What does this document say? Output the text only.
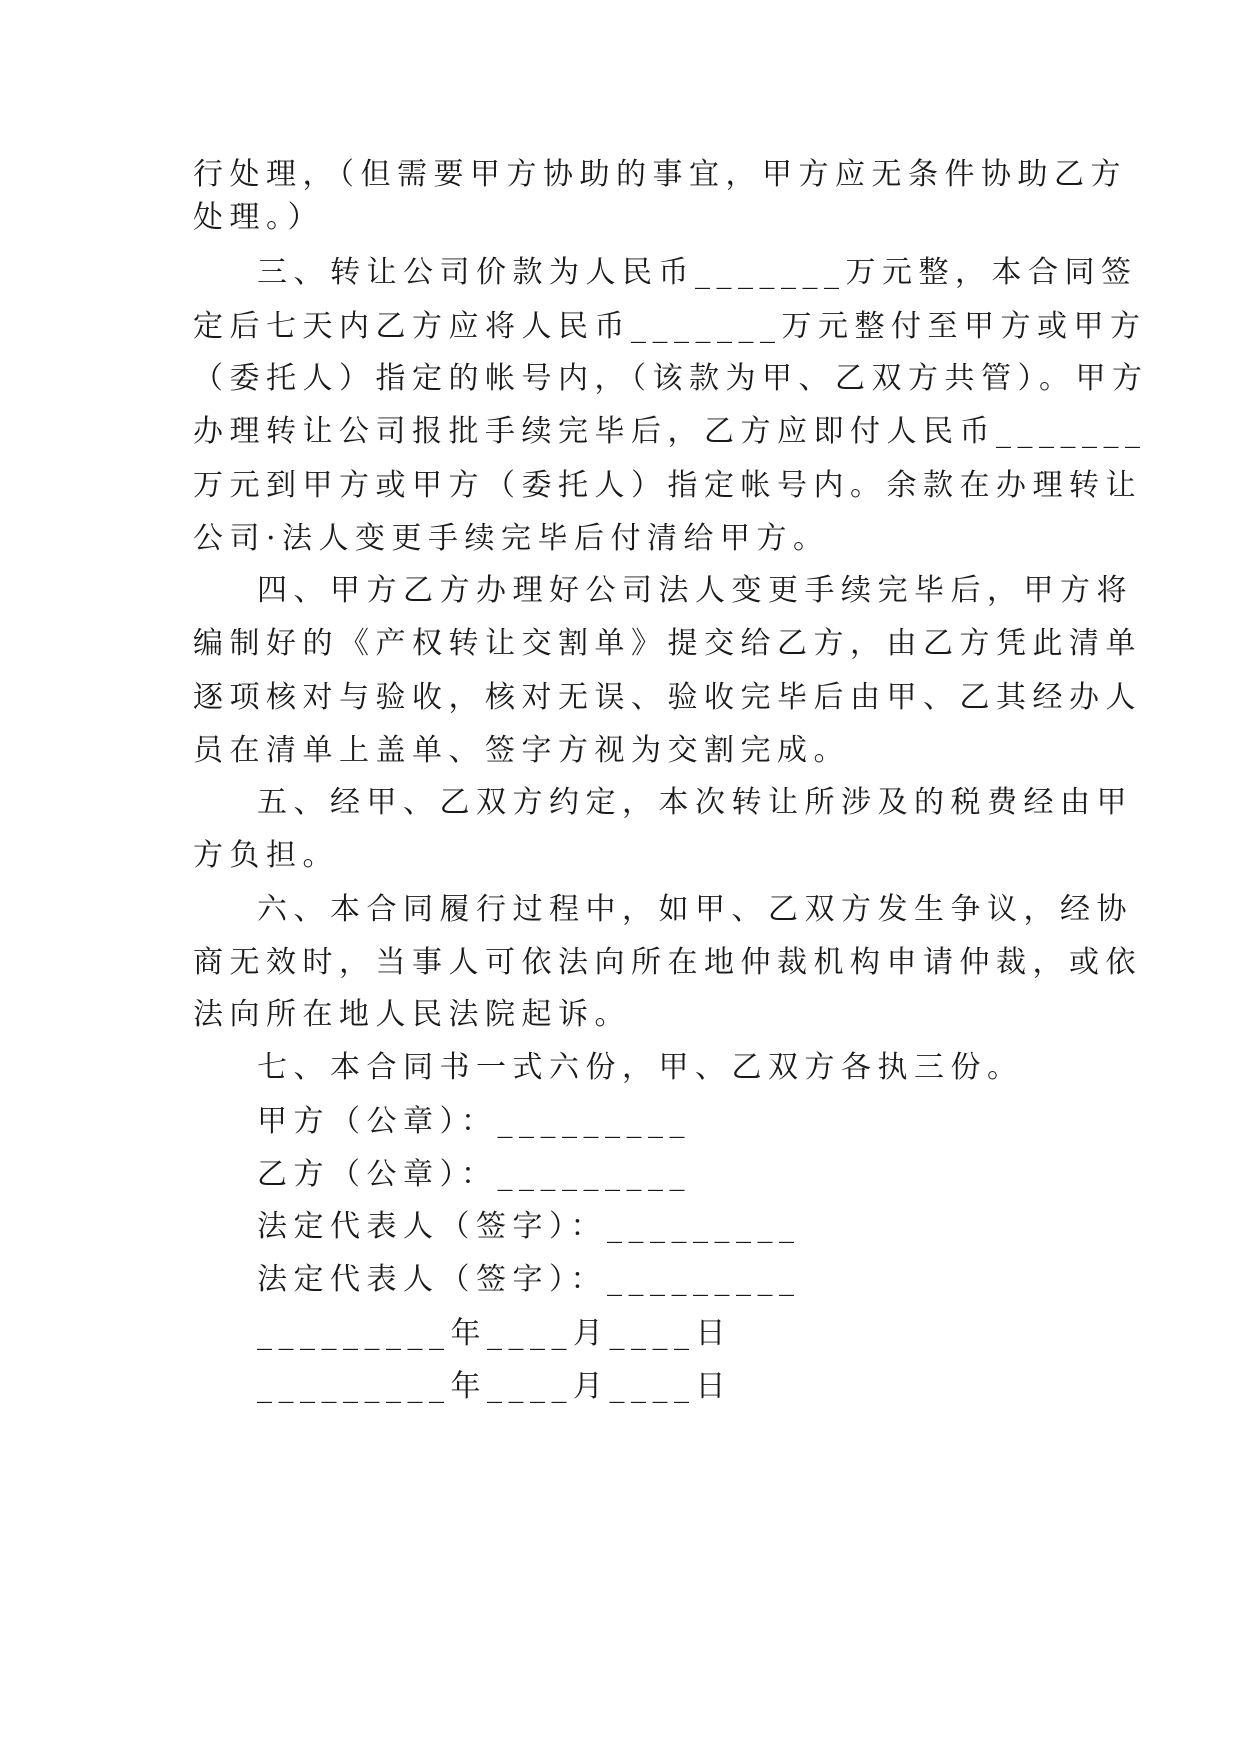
行处理，（但需要甲方协助的事宜，甲方应无条件协助乙方
处理。）
三、转让公司价款为人民币_______万元整，本合同签
定后七天内乙方应将人民币_______万元整付至甲方或甲方
（委托人）指定的帐号内，（该款为甲、乙双方共管）。甲方
办理转让公司报批手续完毕后，乙方应即付人民币_______
万元到甲方或甲方（委托人）指定帐号内。余款在办理转让
公司·法人变更手续完毕后付清给甲方。
四、甲方乙方办理好公司法人变更手续完毕后，甲方将
编制好的《产权转让交割单》提交给乙方，由乙方凭此清单
逐项核对与验收，核对无误、验收完毕后由甲、乙其经办人
员在清单上盖单、签字方视为交割完成。
五、经甲、乙双方约定，本次转让所涉及的税费经由甲
方负担。
六、本合同履行过程中，如甲、乙双方发生争议，经协
商无效时，当事人可依法向所在地仲裁机构申请仲裁，或依
法向所在地人民法院起诉。
七、本合同书一式六份，甲、乙双方各执三份。
甲方（公章）：_________
乙方（公章）：_________
法定代表人（签字）：_________
法定代表人（签字）：_________
_________年____月____日
_________年____月____日
